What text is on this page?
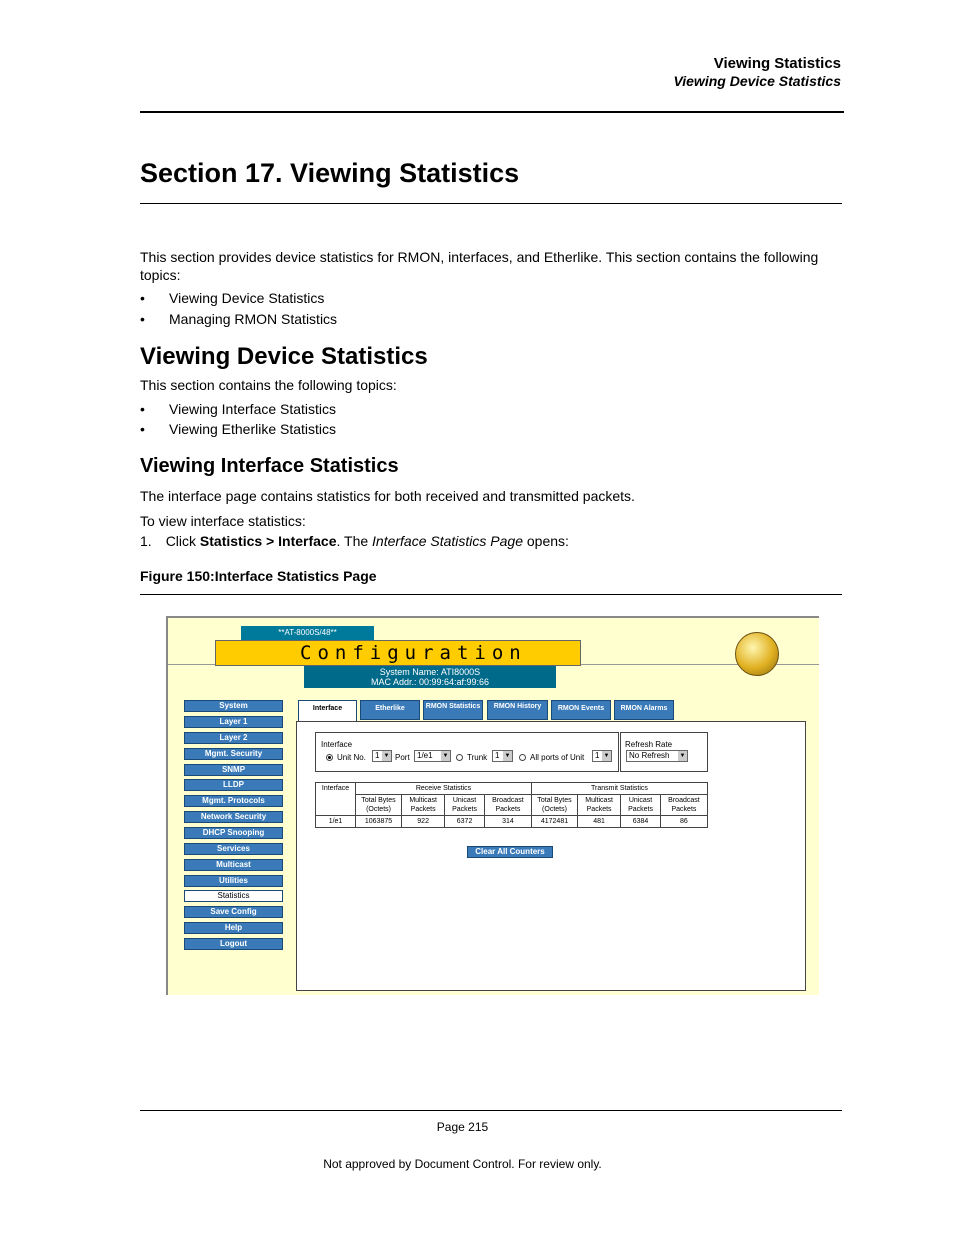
Viewing Statistics
Viewing Device Statistics
Section 17. Viewing Statistics
This section provides device statistics for RMON, interfaces, and Etherlike. This section contains the following topics:
• Viewing Device Statistics
• Managing RMON Statistics
Viewing Device Statistics
This section contains the following topics:
• Viewing Interface Statistics
• Viewing Etherlike Statistics
Viewing Interface Statistics
The interface page contains statistics for both received and transmitted packets.
To view interface statistics:
1. Click Statistics > Interface. The Interface Statistics Page opens:
Figure 150:Interface Statistics Page
**AT-8000S/48**
Configuration
System Name: ATI8000S
MAC Addr.: 00:99:64:af:99:66
System
Layer 1
Layer 2
Mgmt. Security
SNMP
LLDP
Mgmt. Protocols
Network Security
DHCP Snooping
Services
Multicast
Utilities
Statistics
Save Config
Help
Logout
Interface	Etherlike	RMON Statistics	RMON History	RMON Events	RMON Alarms
Interface
Unit No.	1 ▼ Port 1/e1 ▼ Trunk 1 ▼ All ports of Unit	1 ▼
Refresh Rate
No Refresh ▼
Interface	Receive Statistics				Transmit Statistics			
	Total Bytes (Octets)	Multicast Packets	Unicast Packets	Broadcast Packets	Total Bytes (Octets)	Multicast Packets	Unicast Packets	Broadcast Packets
1/e1	1063875	922	6372	314	4172481	481	6384	86
Clear All Counters
Page 215
Not approved by Document Control. For review only.
